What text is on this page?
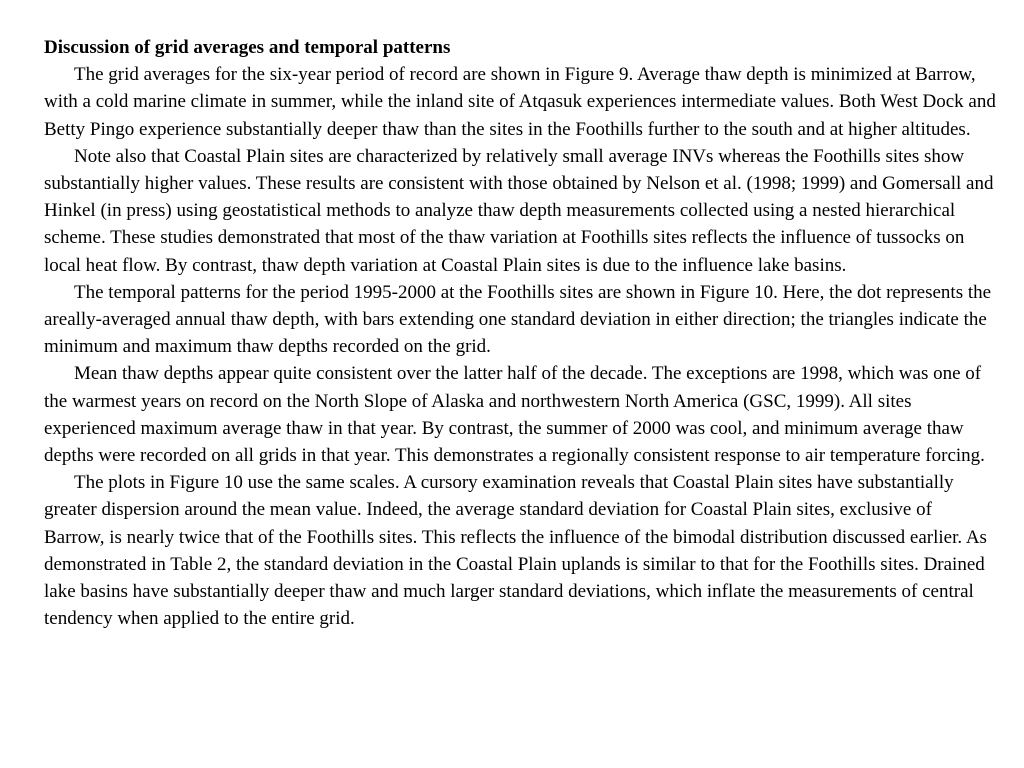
Discussion of grid averages and temporal patterns

The grid averages for the six-year period of record are shown in Figure 9. Average thaw depth is minimized at Barrow, with a cold marine climate in summer, while the inland site of Atqasuk experiences intermediate values. Both West Dock and Betty Pingo experience substantially deeper thaw than the sites in the Foothills further to the south and at higher altitudes.

Note also that Coastal Plain sites are characterized by relatively small average INVs whereas the Foothills sites show substantially higher values. These results are consistent with those obtained by Nelson et al. (1998; 1999) and Gomersall and Hinkel (in press) using geostatistical methods to analyze thaw depth measurements collected using a nested hierarchical scheme. These studies demonstrated that most of the thaw variation at Foothills sites reflects the influence of tussocks on local heat flow. By contrast, thaw depth variation at Coastal Plain sites is due to the influence lake basins.

The temporal patterns for the period 1995-2000 at the Foothills sites are shown in Figure 10. Here, the dot represents the areally-averaged annual thaw depth, with bars extending one standard deviation in either direction; the triangles indicate the minimum and maximum thaw depths recorded on the grid.

Mean thaw depths appear quite consistent over the latter half of the decade. The exceptions are 1998, which was one of the warmest years on record on the North Slope of Alaska and northwestern North America (GSC, 1999). All sites experienced maximum average thaw in that year. By contrast, the summer of 2000 was cool, and minimum average thaw depths were recorded on all grids in that year. This demonstrates a regionally consistent response to air temperature forcing.

The plots in Figure 10 use the same scales. A cursory examination reveals that Coastal Plain sites have substantially greater dispersion around the mean value. Indeed, the average standard deviation for Coastal Plain sites, exclusive of Barrow, is nearly twice that of the Foothills sites. This reflects the influence of the bimodal distribution discussed earlier. As demonstrated in Table 2, the standard deviation in the Coastal Plain uplands is similar to that for the Foothills sites. Drained lake basins have substantially deeper thaw and much larger standard deviations, which inflate the measurements of central tendency when applied to the entire grid.
